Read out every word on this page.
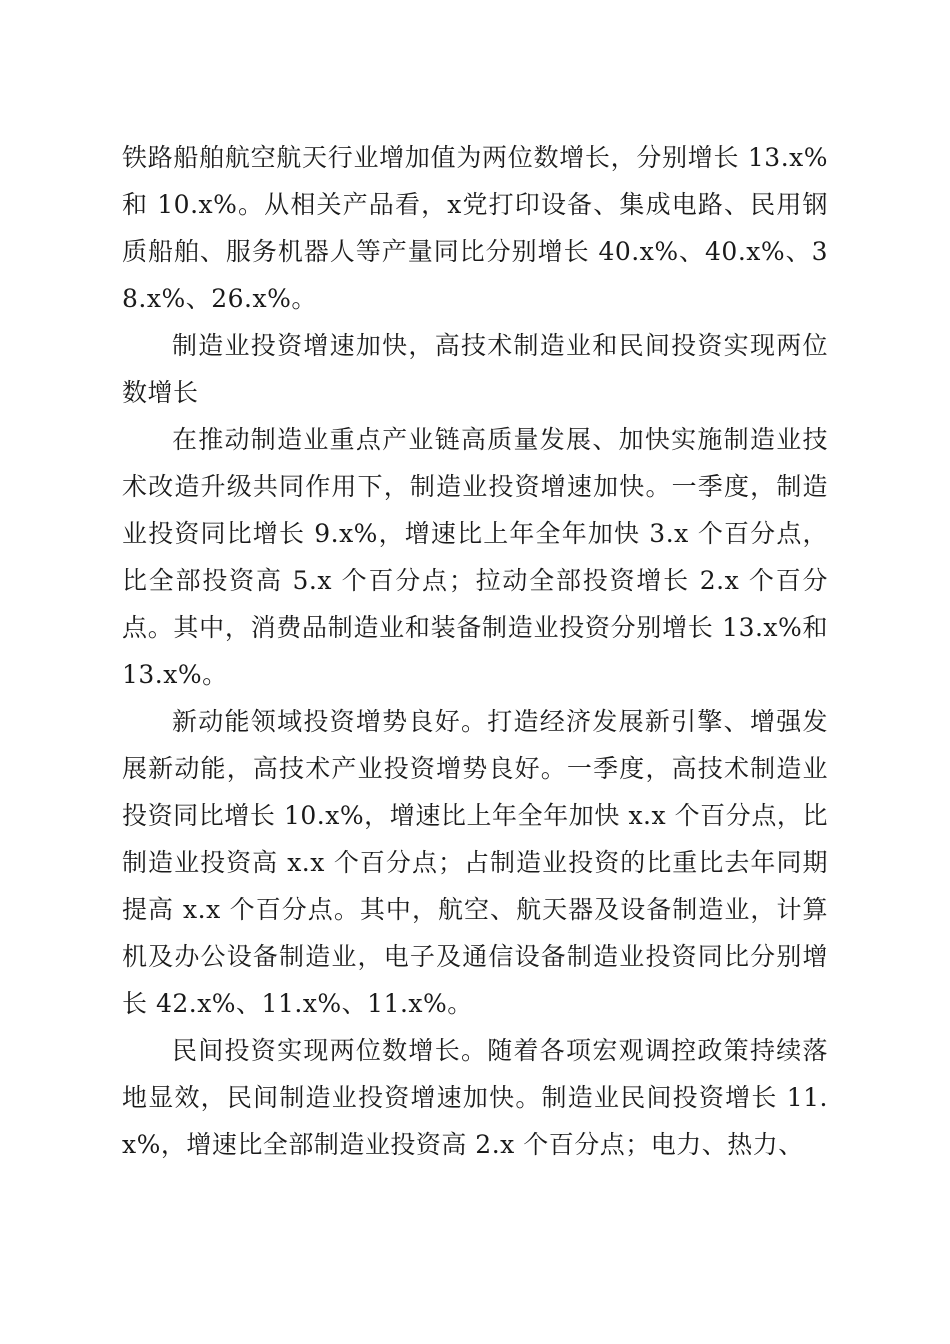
铁路船舶航空航天行业增加值为两位数增长，分别增长 13.x% 和 10.x%。从相关产品看，x党打印设备、集成电路、民用钢质船舶、服务机器人等产量同比分别增长 40.x%、40.x%、38.x%、26.x%。

制造业投资增速加快，高技术制造业和民间投资实现两位数增长

在推动制造业重点产业链高质量发展、加快实施制造业技术改造升级共同作用下，制造业投资增速加快。一季度，制造业投资同比增长 9.x%，增速比上年全年加快 3.x 个百分点，比全部投资高 5.x 个百分点；拉动全部投资增长 2.x 个百分点。其中，消费品制造业和装备制造业投资分别增长 13.x%和 13.x%。

新动能领域投资增势良好。打造经济发展新引擎、增强发展新动能，高技术产业投资增势良好。一季度，高技术制造业投资同比增长 10.x%，增速比上年全年加快 x.x 个百分点，比制造业投资高 x.x 个百分点；占制造业投资的比重比去年同期提高 x.x 个百分点。其中，航空、航天器及设备制造业，计算机及办公设备制造业，电子及通信设备制造业投资同比分别增长 42.x%、11.x%、11.x%。

民间投资实现两位数增长。随着各项宏观调控政策持续落地显效，民间制造业投资增速加快。制造业民间投资增长 11.x%，增速比全部制造业投资高 2.x 个百分点；电力、热力、
